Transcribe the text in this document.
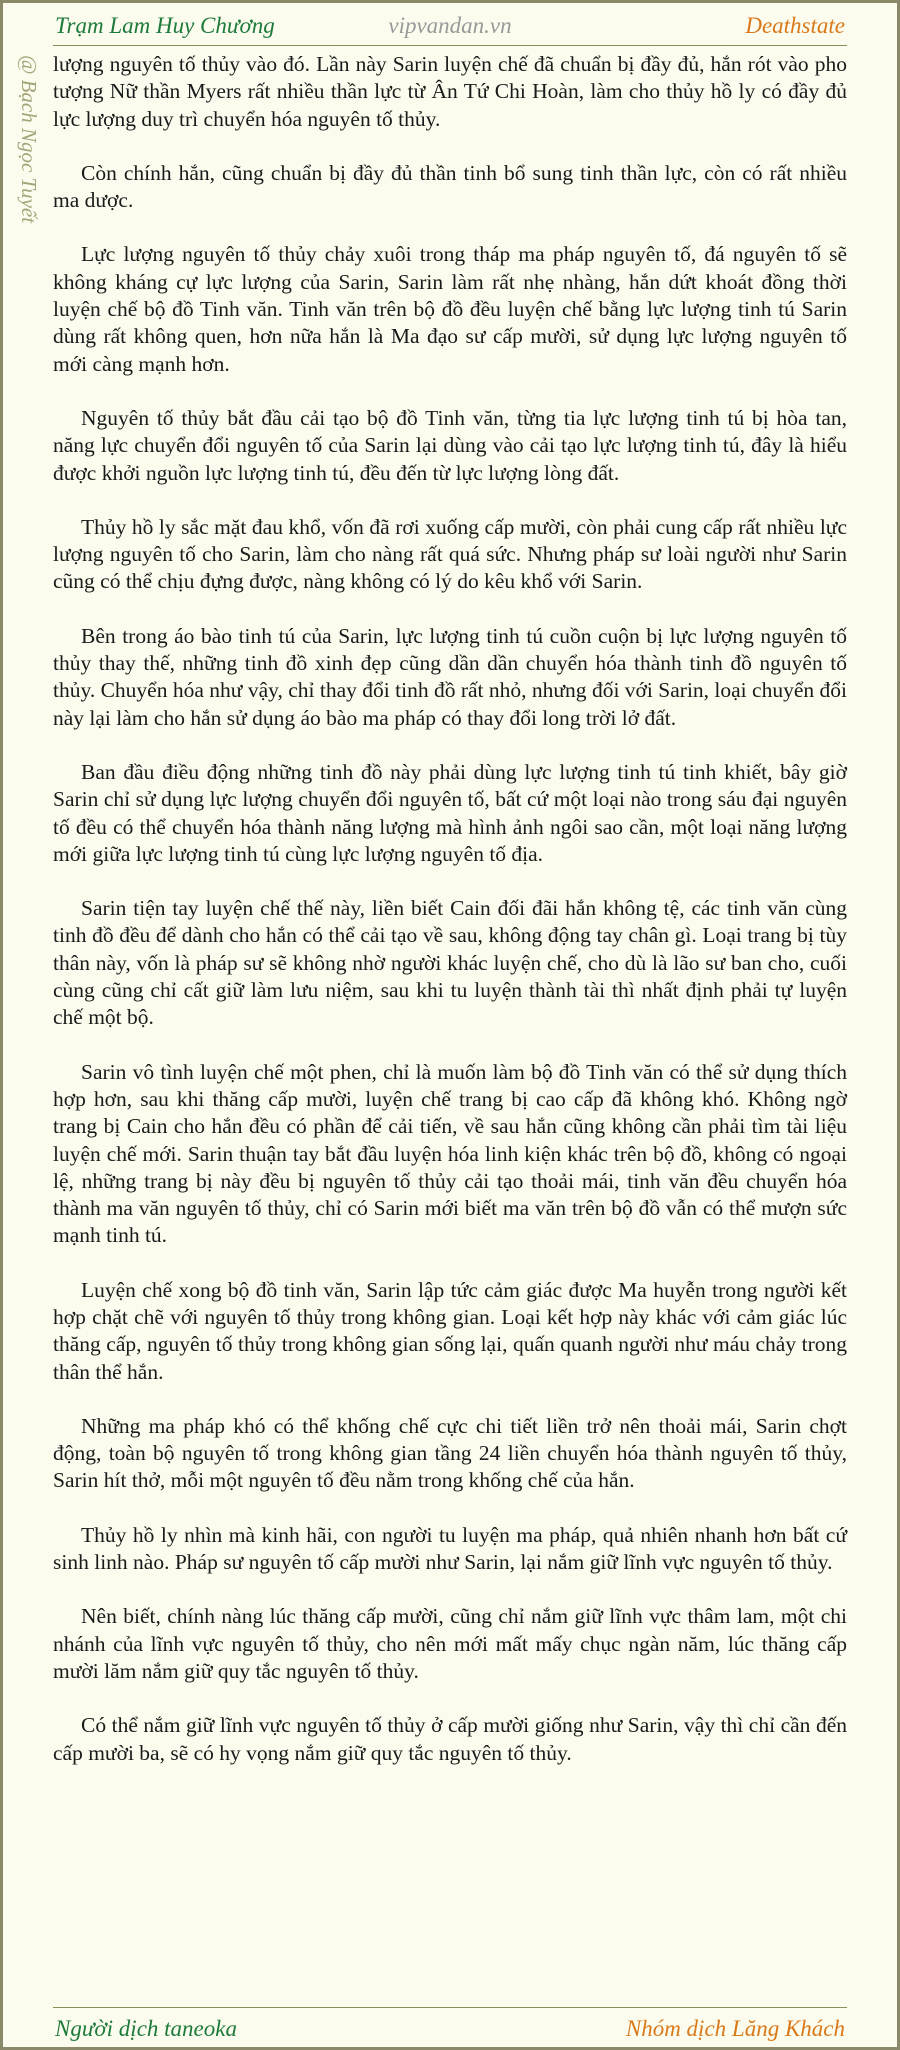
Trạm Lam Huy Chương	vipvandan.vn	Deathstate
@ Bạch Ngọc Tuyết lượng nguyên tố thủy vào đó. Lần này Sarin luyện chế đã chuẩn bị đầy đủ, hắn rót vào pho tượng Nữ thần Myers rất nhiều thần lực từ Ân Tứ Chi Hoàn, làm cho thủy hồ ly có đầy đủ lực lượng duy trì chuyển hóa nguyên tố thủy.

Còn chính hắn, cũng chuẩn bị đầy đủ thần tinh bổ sung tinh thần lực, còn có rất nhiều ma dược.

Lực lượng nguyên tố thủy chảy xuôi trong tháp ma pháp nguyên tố, đá nguyên tố sẽ không kháng cự lực lượng của Sarin, Sarin làm rất nhẹ nhàng, hắn dứt khoát đồng thời luyện chế bộ đồ Tinh văn. Tinh văn trên bộ đồ đều luyện chế bằng lực lượng tinh tú Sarin dùng rất không quen, hơn nữa hắn là Ma đạo sư cấp mười, sử dụng lực lượng nguyên tố mới càng mạnh hơn.

Nguyên tố thủy bắt đầu cải tạo bộ đồ Tinh văn, từng tia lực lượng tinh tú bị hòa tan, năng lực chuyển đổi nguyên tố của Sarin lại dùng vào cải tạo lực lượng tinh tú, đây là hiểu được khởi nguồn lực lượng tinh tú, đều đến từ lực lượng lòng đất.

Thủy hồ ly sắc mặt đau khổ, vốn đã rơi xuống cấp mười, còn phải cung cấp rất nhiều lực lượng nguyên tố cho Sarin, làm cho nàng rất quá sức. Nhưng pháp sư loài người như Sarin cũng có thể chịu đựng được, nàng không có lý do kêu khổ với Sarin.

Bên trong áo bào tinh tú của Sarin, lực lượng tinh tú cuồn cuộn bị lực lượng nguyên tố thủy thay thế, những tinh đồ xinh đẹp cũng dần dần chuyển hóa thành tinh đồ nguyên tố thủy. Chuyển hóa như vậy, chỉ thay đổi tinh đồ rất nhỏ, nhưng đối với Sarin, loại chuyển đổi này lại làm cho hắn sử dụng áo bào ma pháp có thay đổi long trời lở đất.

Ban đầu điều động những tinh đồ này phải dùng lực lượng tinh tú tinh khiết, bây giờ Sarin chỉ sử dụng lực lượng chuyển đổi nguyên tố, bất cứ một loại nào trong sáu đại nguyên tố đều có thể chuyển hóa thành năng lượng mà hình ảnh ngôi sao cần, một loại năng lượng mới giữa lực lượng tinh tú cùng lực lượng nguyên tố địa.

Sarin tiện tay luyện chế thế này, liền biết Cain đối đãi hắn không tệ, các tinh văn cùng tinh đồ đều để dành cho hắn có thể cải tạo về sau, không động tay chân gì. Loại trang bị tùy thân này, vốn là pháp sư sẽ không nhờ người khác luyện chế, cho dù là lão sư ban cho, cuối cùng cũng chỉ cất giữ làm lưu niệm, sau khi tu luyện thành tài thì nhất định phải tự luyện chế một bộ.

Sarin vô tình luyện chế một phen, chỉ là muốn làm bộ đồ Tinh văn có thể sử dụng thích hợp hơn, sau khi thăng cấp mười, luyện chế trang bị cao cấp đã không khó. Không ngờ trang bị Cain cho hắn đều có phần để cải tiến, về sau hắn cũng không cần phải tìm tài liệu luyện chế mới. Sarin thuận tay bắt đầu luyện hóa linh kiện khác trên bộ đồ, không có ngoại lệ, những trang bị này đều bị nguyên tố thủy cải tạo thoải mái, tinh văn đều chuyển hóa thành ma văn nguyên tố thủy, chỉ có Sarin mới biết ma văn trên bộ đồ vẫn có thể mượn sức mạnh tinh tú.

Luyện chế xong bộ đồ tinh văn, Sarin lập tức cảm giác được Ma huyễn trong người kết hợp chặt chẽ với nguyên tố thủy trong không gian. Loại kết hợp này khác với cảm giác lúc thăng cấp, nguyên tố thủy trong không gian sống lại, quấn quanh người như máu chảy trong thân thể hắn.

Những ma pháp khó có thể khống chế cực chi tiết liền trở nên thoải mái, Sarin chợt động, toàn bộ nguyên tố trong không gian tầng 24 liền chuyển hóa thành nguyên tố thủy, Sarin hít thở, mỗi một nguyên tố đều nằm trong khống chế của hắn.

Thủy hồ ly nhìn mà kinh hãi, con người tu luyện ma pháp, quả nhiên nhanh hơn bất cứ sinh linh nào. Pháp sư nguyên tố cấp mười như Sarin, lại nắm giữ lĩnh vực nguyên tố thủy.

Nên biết, chính nàng lúc thăng cấp mười, cũng chỉ nắm giữ lĩnh vực thâm lam, một chi nhánh của lĩnh vực nguyên tố thủy, cho nên mới mất mấy chục ngàn năm, lúc thăng cấp mười lăm nắm giữ quy tắc nguyên tố thủy.

Có thể nắm giữ lĩnh vực nguyên tố thủy ở cấp mười giống như Sarin, vậy thì chỉ cần đến cấp mười ba, sẽ có hy vọng nắm giữ quy tắc nguyên tố thủy.

Người dịch taneoka	Nhóm dịch Lăng Khách
